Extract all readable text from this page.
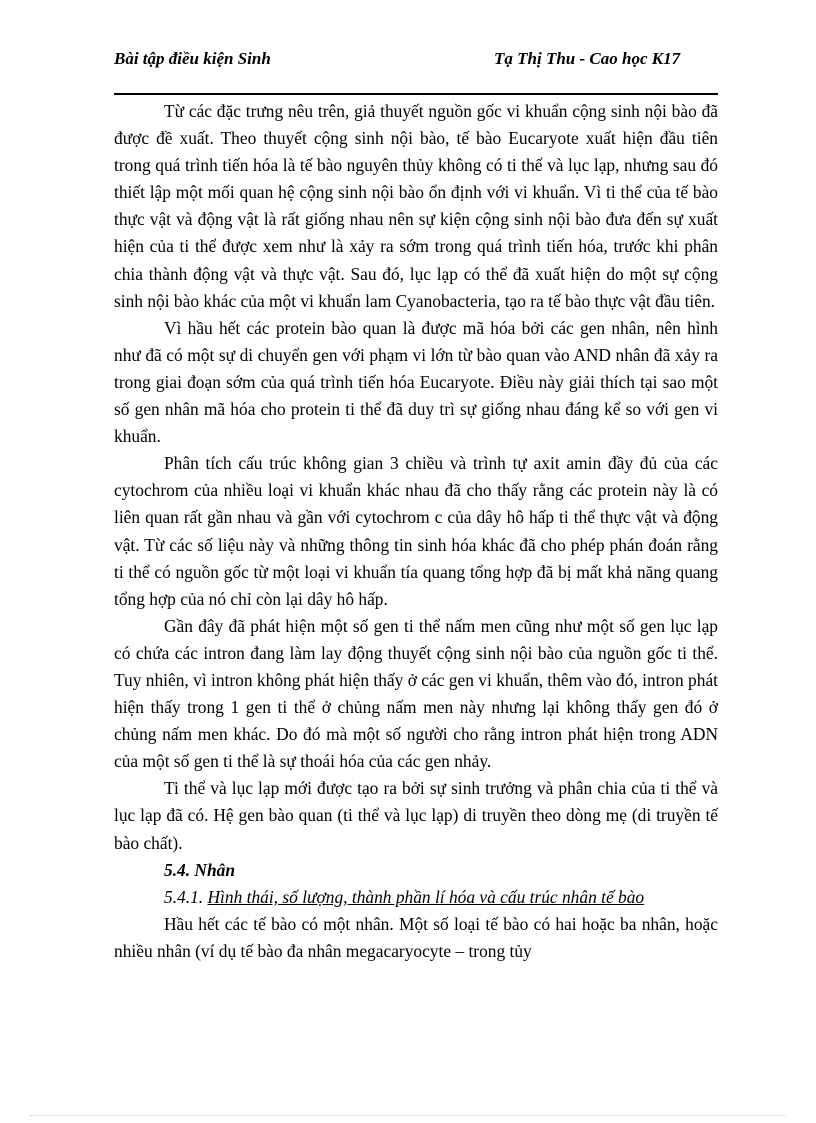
Bài tập điều kiện Sinh	Tạ Thị Thu - Cao học K17

Từ các đặc trưng nêu trên, giả thuyết nguồn gốc vi khuẩn cộng sinh nội bào đã được đề xuất. Theo thuyết cộng sinh nội bào, tế bào Eucaryote xuất hiện đầu tiên trong quá trình tiến hóa là tế bào nguyên thủy không có ti thể và lục lạp, nhưng sau đó thiết lập một mối quan hệ cộng sinh nội bào ổn định với vi khuẩn. Vì ti thể của tế bào thực vật và động vật là rất giống nhau nên sự kiện cộng sinh nội bào đưa đến sự xuất hiện của ti thể được xem như là xảy ra sớm trong quá trình tiến hóa, trước khi phân chia thành động vật và thực vật. Sau đó, lục lạp có thể đã xuất hiện do một sự cộng sinh nội bào khác của một vi khuẩn lam Cyanobacteria, tạo ra tế bào thực vật đầu tiên.

Vì hầu hết các protein bào quan là được mã hóa bởi các gen nhân, nên hình như đã có một sự di chuyển gen với phạm vi lớn từ bào quan vào AND nhân đã xảy ra trong giai đoạn sớm của quá trình tiến hóa Eucaryote. Điều này giải thích tại sao một số gen nhân mã hóa cho protein ti thể đã duy trì sự giống nhau đáng kể so với gen vi khuẩn.

Phân tích cấu trúc không gian 3 chiều và trình tự axit amin đầy đủ của các cytochrom của nhiều loại vi khuẩn khác nhau đã cho thấy rằng các protein này là có liên quan rất gần nhau và gần với cytochrom c của dây hô hấp ti thể thực vật và động vật. Từ các số liệu này và những thông tin sinh hóa khác đã cho phép phán đoán rằng ti thể có nguồn gốc từ một loại vi khuẩn tía quang tổng hợp đã bị mất khả năng quang tổng hợp của nó chỉ còn lại dây hô hấp.

Gần đây đã phát hiện một số gen ti thể nấm men cũng như một số gen lục lạp có chứa các intron đang làm lay động thuyết cộng sinh nội bào của nguồn gốc ti thể. Tuy nhiên, vì intron không phát hiện thấy ở các gen vi khuẩn, thêm vào đó, intron phát hiện thấy trong 1 gen ti thể ở chủng nấm men này nhưng lại không thấy gen đó ở chủng nấm men khác. Do đó mà một số người cho rằng intron phát hiện trong ADN của một số gen ti thể là sự thoái hóa của các gen nhảy.

Ti thể và lục lạp mới được tạo ra bởi sự sinh trưởng và phân chia của ti thể và lục lạp đã có. Hệ gen bào quan (ti thể và lục lạp) di truyền theo dòng mẹ (di truyền tế bào chất).

5.4. Nhân
5.4.1. Hình thái, số lượng, thành phần lí hóa và cấu trúc nhân tế bào

Hầu hết các tế bào có một nhân. Một số loại tế bào có hai hoặc ba nhân, hoặc nhiều nhân (ví dụ tế bào đa nhân megacaryocyte – trong tủy
